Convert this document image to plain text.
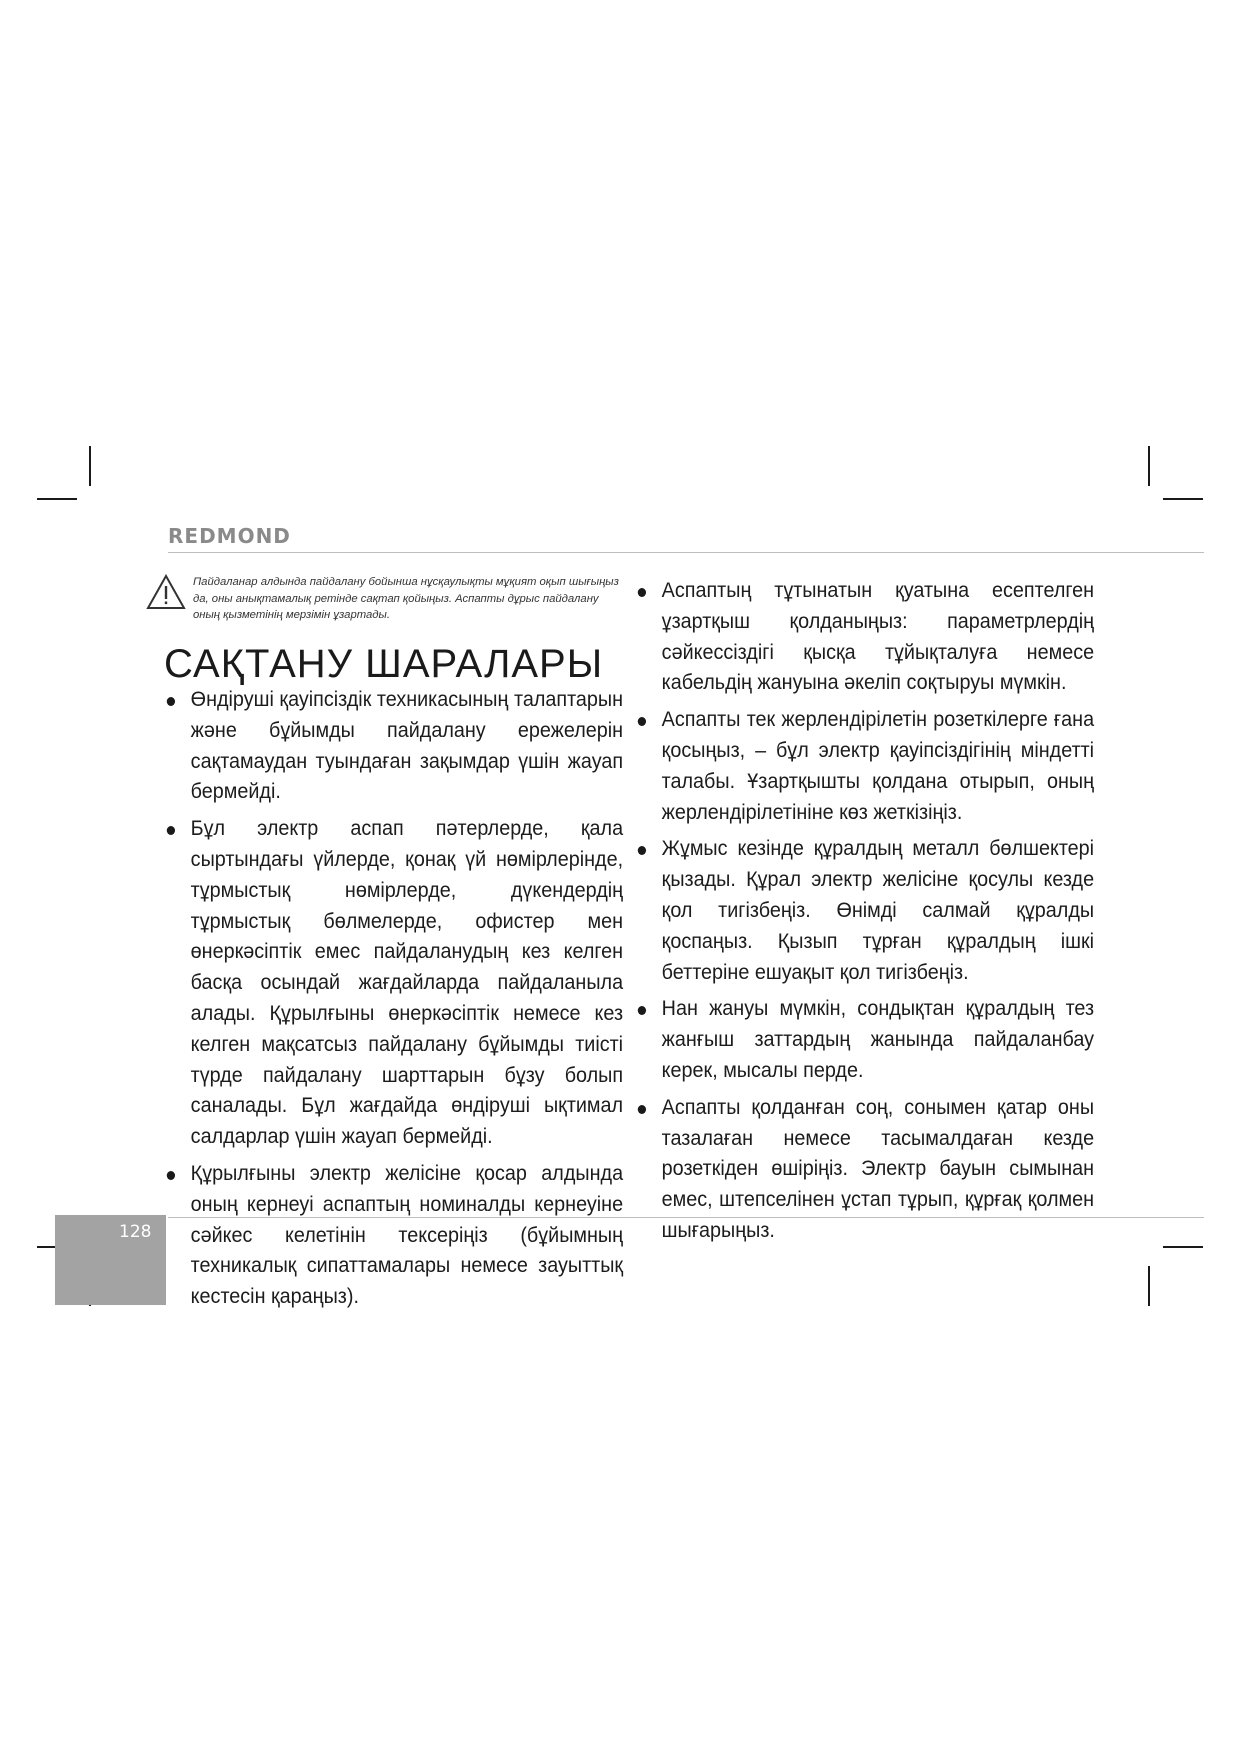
REDMOND
Пайдаланар алдында пайдалану бойынша нұсқаулықты мұқият оқып шығыңыз да, оны анықтамалық ретінде сақтап қойыңыз. Аспапты дұрыс пайдалану оның қызметінің мерзімін ұзартады.
САҚТАНУ ШАРАЛАРЫ
Өндіруші қауіпсіздік техникасының талаптарын және бұйымды пайдалану ережелерін сақтамаудан туындаған зақымдар үшін жауап бермейді.
Бұл электр аспап пәтерлерде, қала сыртындағы үйлерде, қонақ үй нөмірлерінде, тұрмыстық нөмірлерде, дүкендердің тұрмыстық бөлмелерде, офистер мен өнеркәсіптік емес пайдаланудың кез келген басқа осындай жағдайларда пайдаланыла алады. Құрылғыны өнеркәсіптік немесе кез келген мақсатсыз пайдалану бұйымды тиісті түрде пайдалану шарттарын бұзу болып саналады. Бұл жағдайда өндіруші ықтимал салдарлар үшін жауап бермейді.
Құрылғыны электр желісіне қосар алдында оның кернеуі аспаптың номиналды кернеуіне сәйкес келетінін тексеріңіз (бұйымның техникалық сипаттамалары немесе зауыттық кестесін қараңыз).
Аспаптың тұтынатын қуатына есептелген ұзартқыш қолданыңыз: параметрлердің сәйкессіздігі қысқа тұйықталуға немесе кабельдің жануына әкеліп соқтыруы мүмкін.
Аспапты тек жерлендірілетін розеткілерге ғана қосыңыз, – бұл электр қауіпсіздігінің міндетті талабы. Ұзартқышты қолдана отырып, оның жерлендірілетініне көз жеткізіңіз.
Жұмыс кезінде құралдың металл бөлшектері қызады. Құрал электр желісіне қосулы кезде қол тигізбеңіз. Өнімді салмай құралды қоспаңыз. Қызып тұрған құралдың ішкі беттеріне ешуақыт қол тигізбеңіз.
Нан жануы мүмкін, сондықтан құралдың тез жанғыш заттардың жанында пайдаланбау керек, мысалы перде.
Аспапты қолданған соң, сонымен қатар оны тазалаған немесе тасымалдаған кезде розеткіден өшіріңіз. Электр бауын сымынан емес, штепселінен ұстап тұрып, құрғақ қолмен шығарыңыз.
128
